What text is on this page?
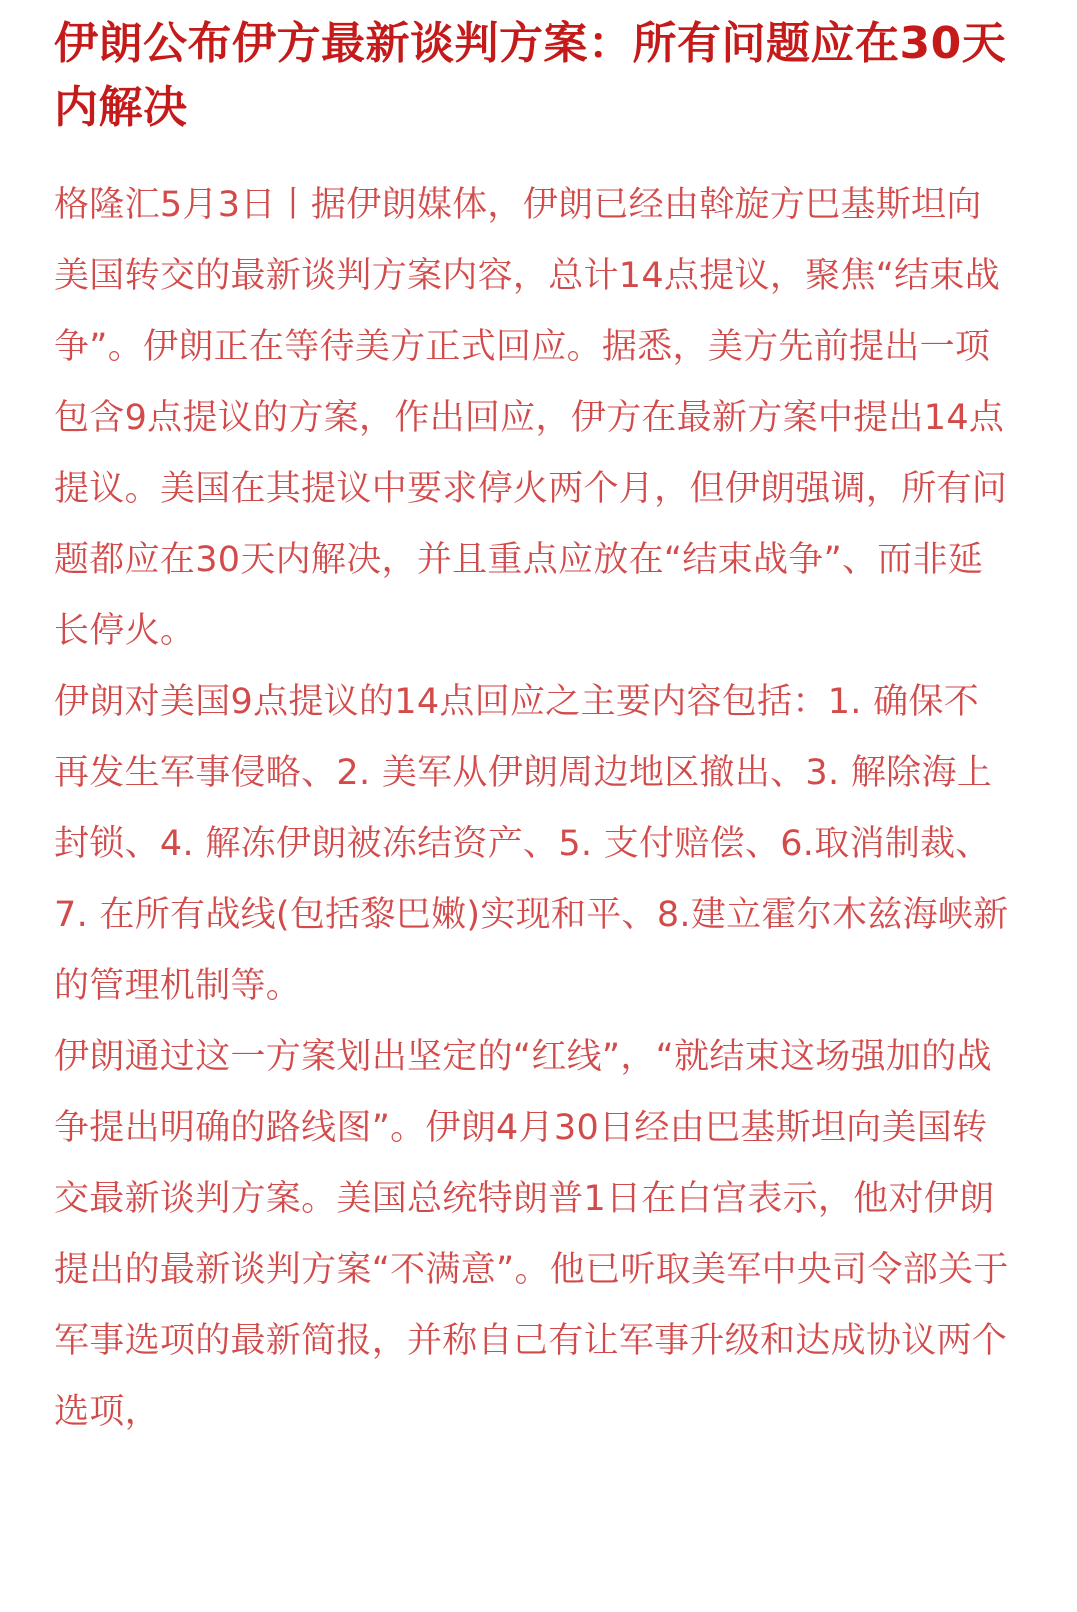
伊朗公布伊方最新谈判方案：所有问题应在30天内解决

格隆汇5月3日丨据伊朗媒体，伊朗已经由斡旋方巴基斯坦向美国转交的最新谈判方案内容，总计14点提议，聚焦“结束战争”。伊朗正在等待美方正式回应。据悉，美方先前提出一项包含9点提议的方案，作出回应，伊方在最新方案中提出14点提议。美国在其提议中要求停火两个月，但伊朗强调，所有问题都应在30天内解决，并且重点应放在“结束战争”、而非延长停火。

伊朗对美国9点提议的14点回应之主要内容包括：1. 确保不再发生军事侵略、2. 美军从伊朗周边地区撤出、3. 解除海上封锁、4. 解冻伊朗被冻结资产、5. 支付赔偿、6.取消制裁、7. 在所有战线(包括黎巴嫩)实现和平、8.建立霍尔木兹海峡新的管理机制等。

伊朗通过这一方案划出坚定的“红线”，“就结束这场强加的战争提出明确的路线图”。伊朗4月30日经由巴基斯坦向美国转交最新谈判方案。美国总统特朗普1日在白宫表示，他对伊朗提出的最新谈判方案“不满意”。他已听取美军中央司令部关于军事选项的最新简报，并称自己有让军事升级和达成协议两个选项，
